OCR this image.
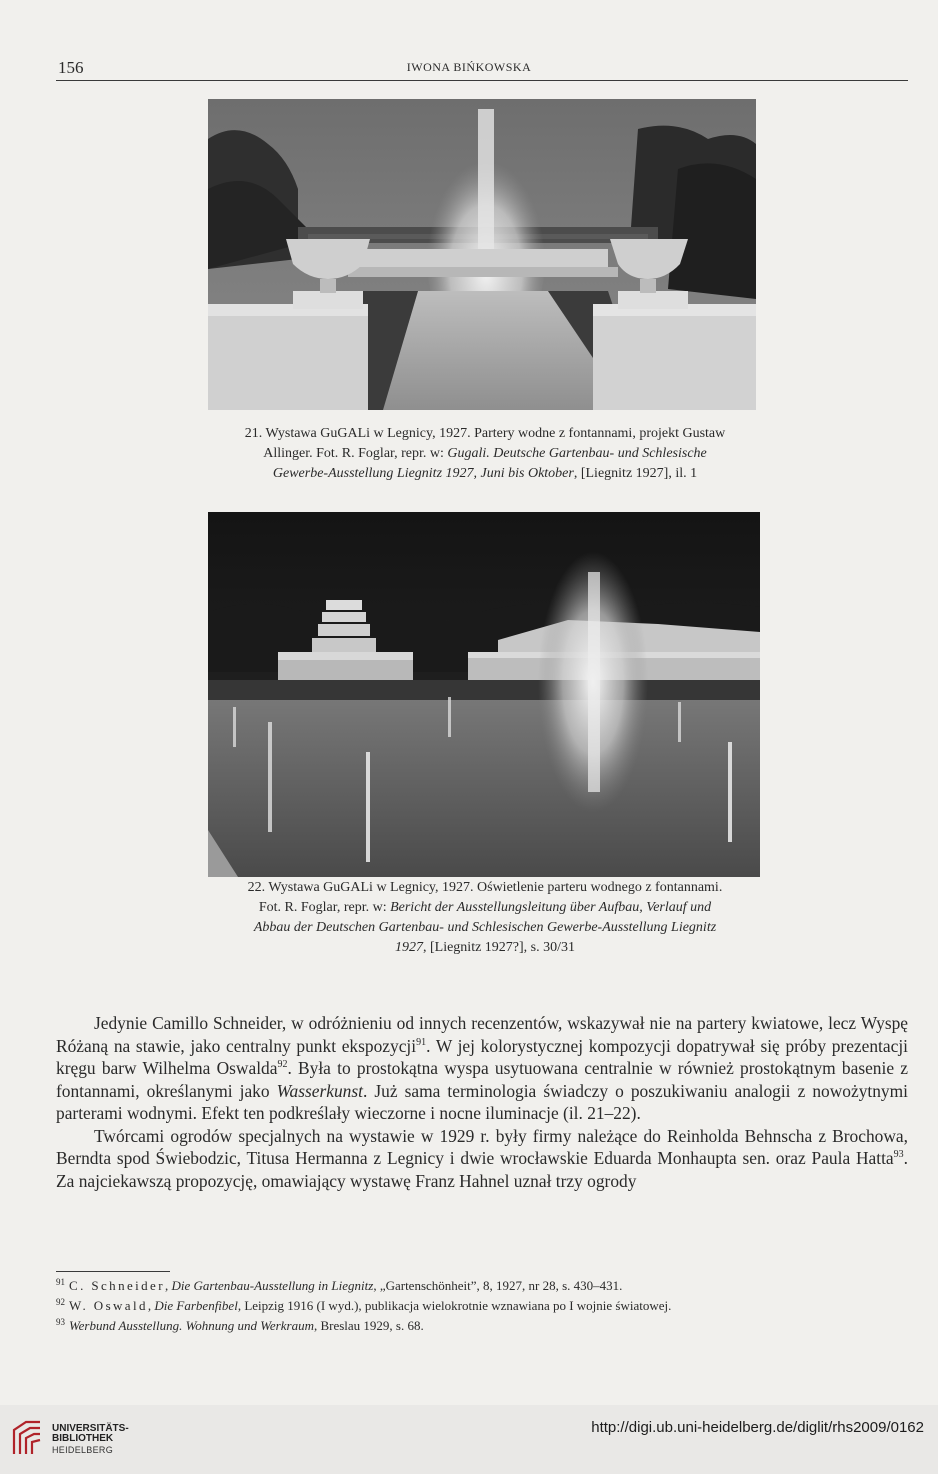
156	IWONA BIŃKOWSKA
21. Wystawa GuGALi w Legnicy, 1927. Partery wodne z fontannami, projekt Gustaw
Allinger. Fot. R. Foglar, repr. w: Gugali. Deutsche Gartenbau- und Schlesische
Gewerbe-Ausstellung Liegnitz 1927, Juni bis Oktober, [Liegnitz 1927], il. 1
22. Wystawa GuGALi w Legnicy, 1927. Oświetlenie parteru wodnego z fontannami.
Fot. R. Foglar, repr. w: Bericht der Ausstellungsleitung über Aufbau, Verlauf und
Abbau der Deutschen Gartenbau- und Schlesischen Gewerbe-Ausstellung Liegnitz
1927, [Liegnitz 1927?], s. 30/31

Jedynie Camillo Schneider, w odróżnieniu od innych recenzentów, wskazywał nie na partery kwiatowe, lecz Wyspę Różaną na stawie, jako centralny punkt ekspozycji$^{91}$. W jej kolorystycznej kompozycji dopatrywał się próby prezentacji kręgu barw Wilhelma Oswalda$^{92}$. Była to prostokątna wyspa usytuowana centralnie w również prostokątnym basenie z fontannami, określanymi jako Wasserkunst. Już sama terminologia świadczy o poszukiwaniu analogii z nowożytnymi parterami wodnymi. Efekt ten podkreślały wieczorne i nocne iluminacje (il. 21–22).

Twórcami ogrodów specjalnych na wystawie w 1929 r. były firmy należące do Reinholda Behnscha z Brochowa, Berndta spod Świebodzic, Titusa Hermanna z Legnicy i dwie wrocławskie Eduarda Monhaupta sen. oraz Paula Hatta$^{93}$. Za najciekawszą propozycję, omawiający wystawę Franz Hahnel uznał trzy ogrody

$^{91}$ C. Schneider, Die Gartenbau-Ausstellung in Liegnitz, „Gartenschönheit”, 8, 1927, nr 28, s. 430–431.

$^{92}$ W. Oswald, Die Farbenfibel, Leipzig 1916 (I wyd.), publikacja wielokrotnie wznawiana po I wojnie światowej.

$^{93}$ Werbund Ausstellung. Wohnung und Werkraum, Breslau 1929, s. 68.

UNIVERSITÄTS-
BIBLIOTHEK
HEIDELBERG
http://digi.ub.uni-heidelberg.de/diglit/rhs2009/0162
